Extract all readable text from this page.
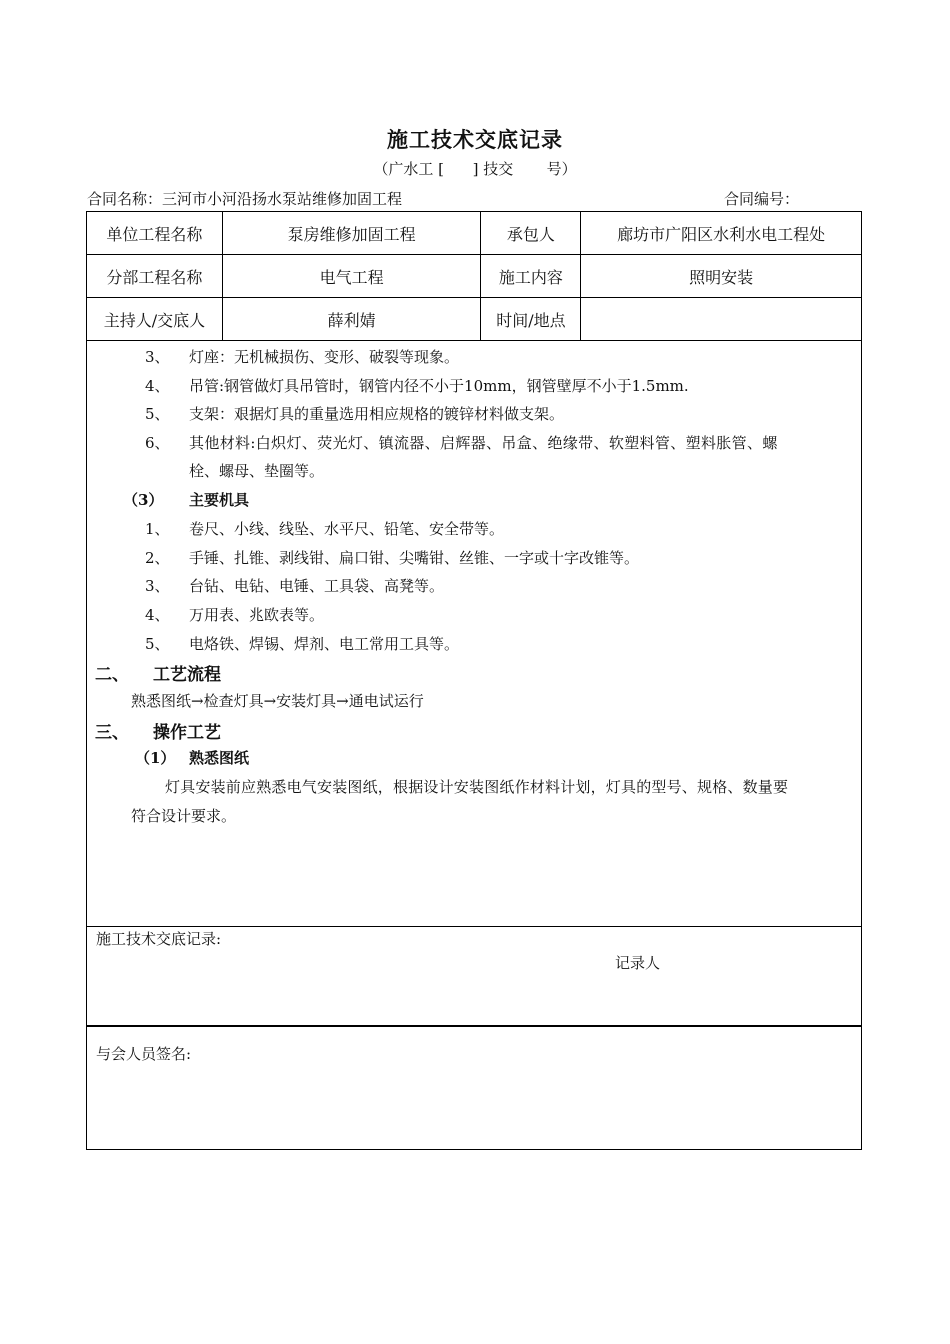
施工技术交底记录
（广水工 [      ] 技交       号）
合同名称：三河市小河沿扬水泵站维修加固工程	合同编号：
单位工程名称	泵房维修加固工程	承包人	廊坊市广阳区水利水电工程处
分部工程名称	电气工程	施工内容	照明安装
主持人/交底人	薛利婧	时间/地点	
3、 灯座：无机械损伤、变形、破裂等现象。
4、 吊管:钢管做灯具吊管时，钢管内径不小于10mm，钢管壁厚不小于1.5mm.
5、 支架：艰据灯具的重量选用相应规格的镀锌材料做支架。
6、 其他材料:白炽灯、荧光灯、镇流器、启辉器、吊盒、绝缘带、软塑料管、塑料胀管、螺
栓、螺母、垫圈等。
（3） 主要机具
1、 卷尺、小线、线坠、水平尺、铅笔、安全带等。
2、 手锤、扎锥、剥线钳、扁口钳、尖嘴钳、丝锥、一字或十字改锥等。
3、 台钻、电钻、电锤、工具袋、高凳等。
4、 万用表、兆欧表等。
5、 电烙铁、焊锡、焊剂、电工常用工具等。
二、 工艺流程
熟悉图纸→检查灯具→安装灯具→通电试运行
三、 操作工艺
（1） 熟悉图纸
灯具安装前应熟悉电气安装图纸，根据设计安装图纸作材料计划，灯具的型号、规格、数量要
符合设计要求。
施工技术交底记录:
记录人
与会人员签名:
